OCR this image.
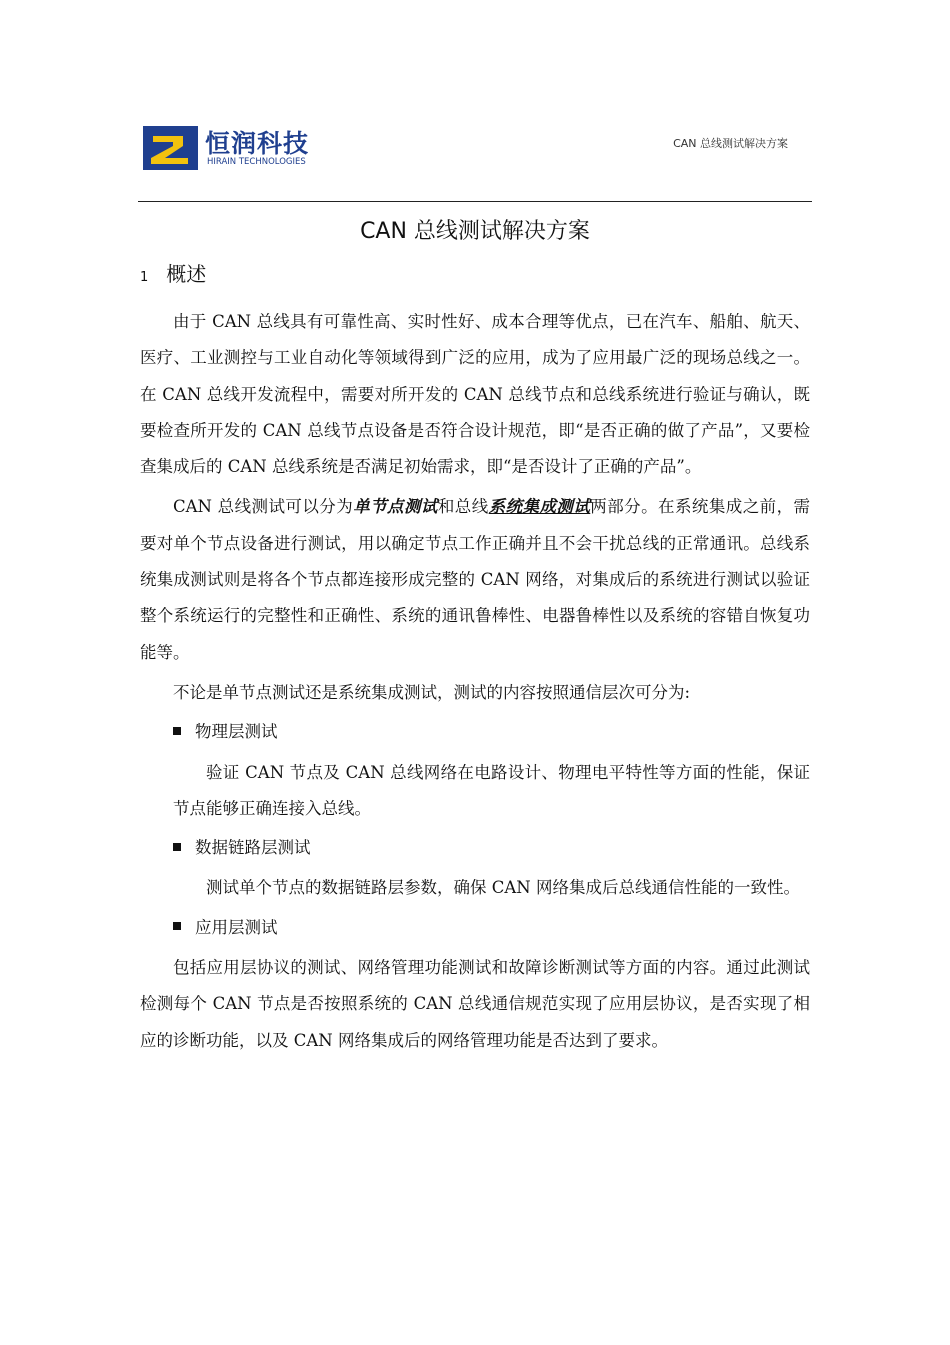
恒润科技
HIRAIN TECHNOLOGIES
CAN 总线测试解决方案
CAN 总线测试解决方案
1 概述

由于 CAN 总线具有可靠性高、实时性好、成本合理等优点，已在汽车、船舶、航天、医疗、工业测控与工业自动化等领域得到广泛的应用，成为了应用最广泛的现场总线之一。在 CAN 总线开发流程中，需要对所开发的 CAN 总线节点和总线系统进行验证与确认，既要检查所开发的 CAN 总线节点设备是否符合设计规范，即“是否正确的做了产品”，又要检查集成后的 CAN 总线系统是否满足初始需求，即“是否设计了正确的产品”。

CAN 总线测试可以分为单节点测试和总线系统集成测试两部分。在系统集成之前，需要对单个节点设备进行测试，用以确定节点工作正确并且不会干扰总线的正常通讯。总线系统集成测试则是将各个节点都连接形成完整的 CAN 网络，对集成后的系统进行测试以验证整个系统运行的完整性和正确性、系统的通讯鲁棒性、电器鲁棒性以及系统的容错自恢复功能等。

不论是单节点测试还是系统集成测试，测试的内容按照通信层次可分为:

物理层测试

验证 CAN 节点及 CAN 总线网络在电路设计、物理电平特性等方面的性能，保证节点能够正确连接入总线。

数据链路层测试

测试单个节点的数据链路层参数，确保 CAN 网络集成后总线通信性能的一致性。

应用层测试

包括应用层协议的测试、网络管理功能测试和故障诊断测试等方面的内容。通过此测试检测每个 CAN 节点是否按照系统的 CAN 总线通信规范实现了应用层协议，是否实现了相应的诊断功能，以及 CAN 网络集成后的网络管理功能是否达到了要求。
